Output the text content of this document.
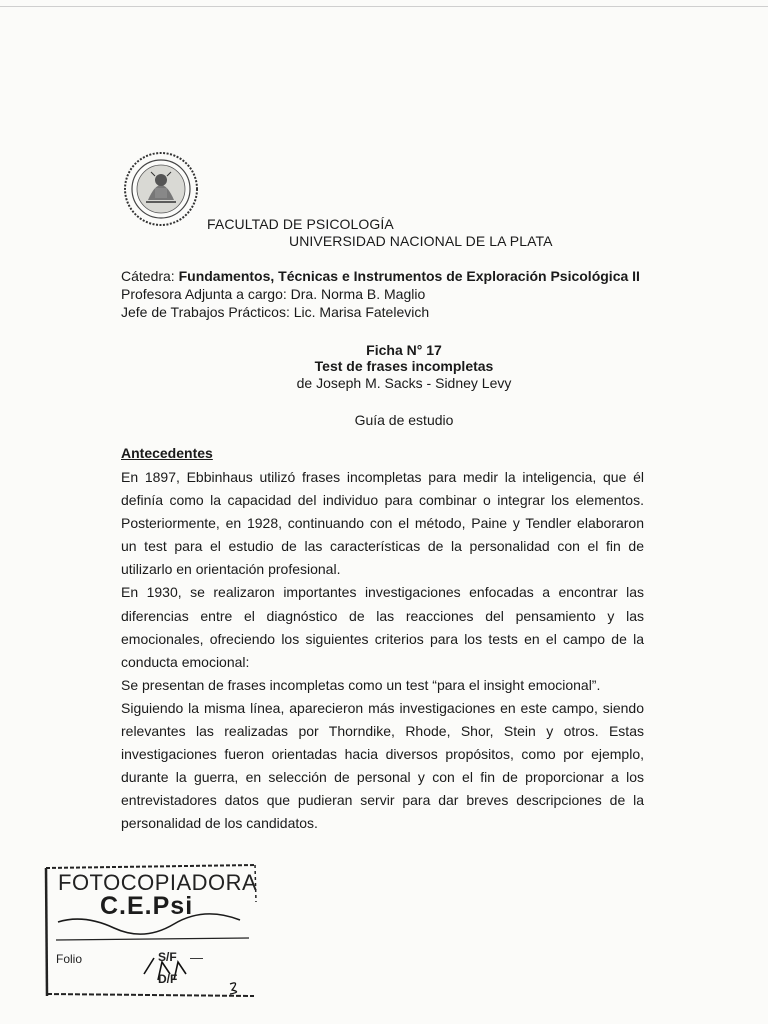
FACULTAD DE PSICOLOGÍA
UNIVERSIDAD NACIONAL DE LA PLATA
Cátedra: Fundamentos, Técnicas e Instrumentos de Exploración Psicológica II
Profesora Adjunta a cargo: Dra. Norma B. Maglio
Jefe de Trabajos Prácticos: Lic. Marisa Fatelevich
Ficha N° 17
Test de frases incompletas
de Joseph M. Sacks - Sidney Levy
Guía de estudio
Antecedentes
En 1897, Ebbinhaus utilizó frases incompletas para medir la inteligencia, que él
definía como la capacidad del individuo para combinar o integrar los elementos.
Posteriormente, en 1928, continuando con el método, Paine y Tendler elaboraron
un test para el estudio de las características de la personalidad con el fin de
utilizarlo en orientación profesional.
En 1930, se realizaron importantes investigaciones enfocadas a encontrar las
diferencias entre el diagnóstico de las reacciones del pensamiento y las
emocionales, ofreciendo los siguientes criterios para los tests en el campo de la
conducta emocional:
Se presentan de frases incompletas como un test “para el insight emocional”.
Siguiendo la misma línea, aparecieron más investigaciones en este campo, siendo
relevantes las realizadas por Thorndike, Rhode, Shor, Stein y otros. Estas
investigaciones fueron orientadas hacia diversos propósitos, como por ejemplo,
durante la guerra, en selección de personal y con el fin de proporcionar a los
entrevistadores datos que pudieran servir para dar breves descripciones de la
personalidad de los candidatos.
FOTOCOPIADORA
C.E.Psi
Folio	S/F —
D/F
